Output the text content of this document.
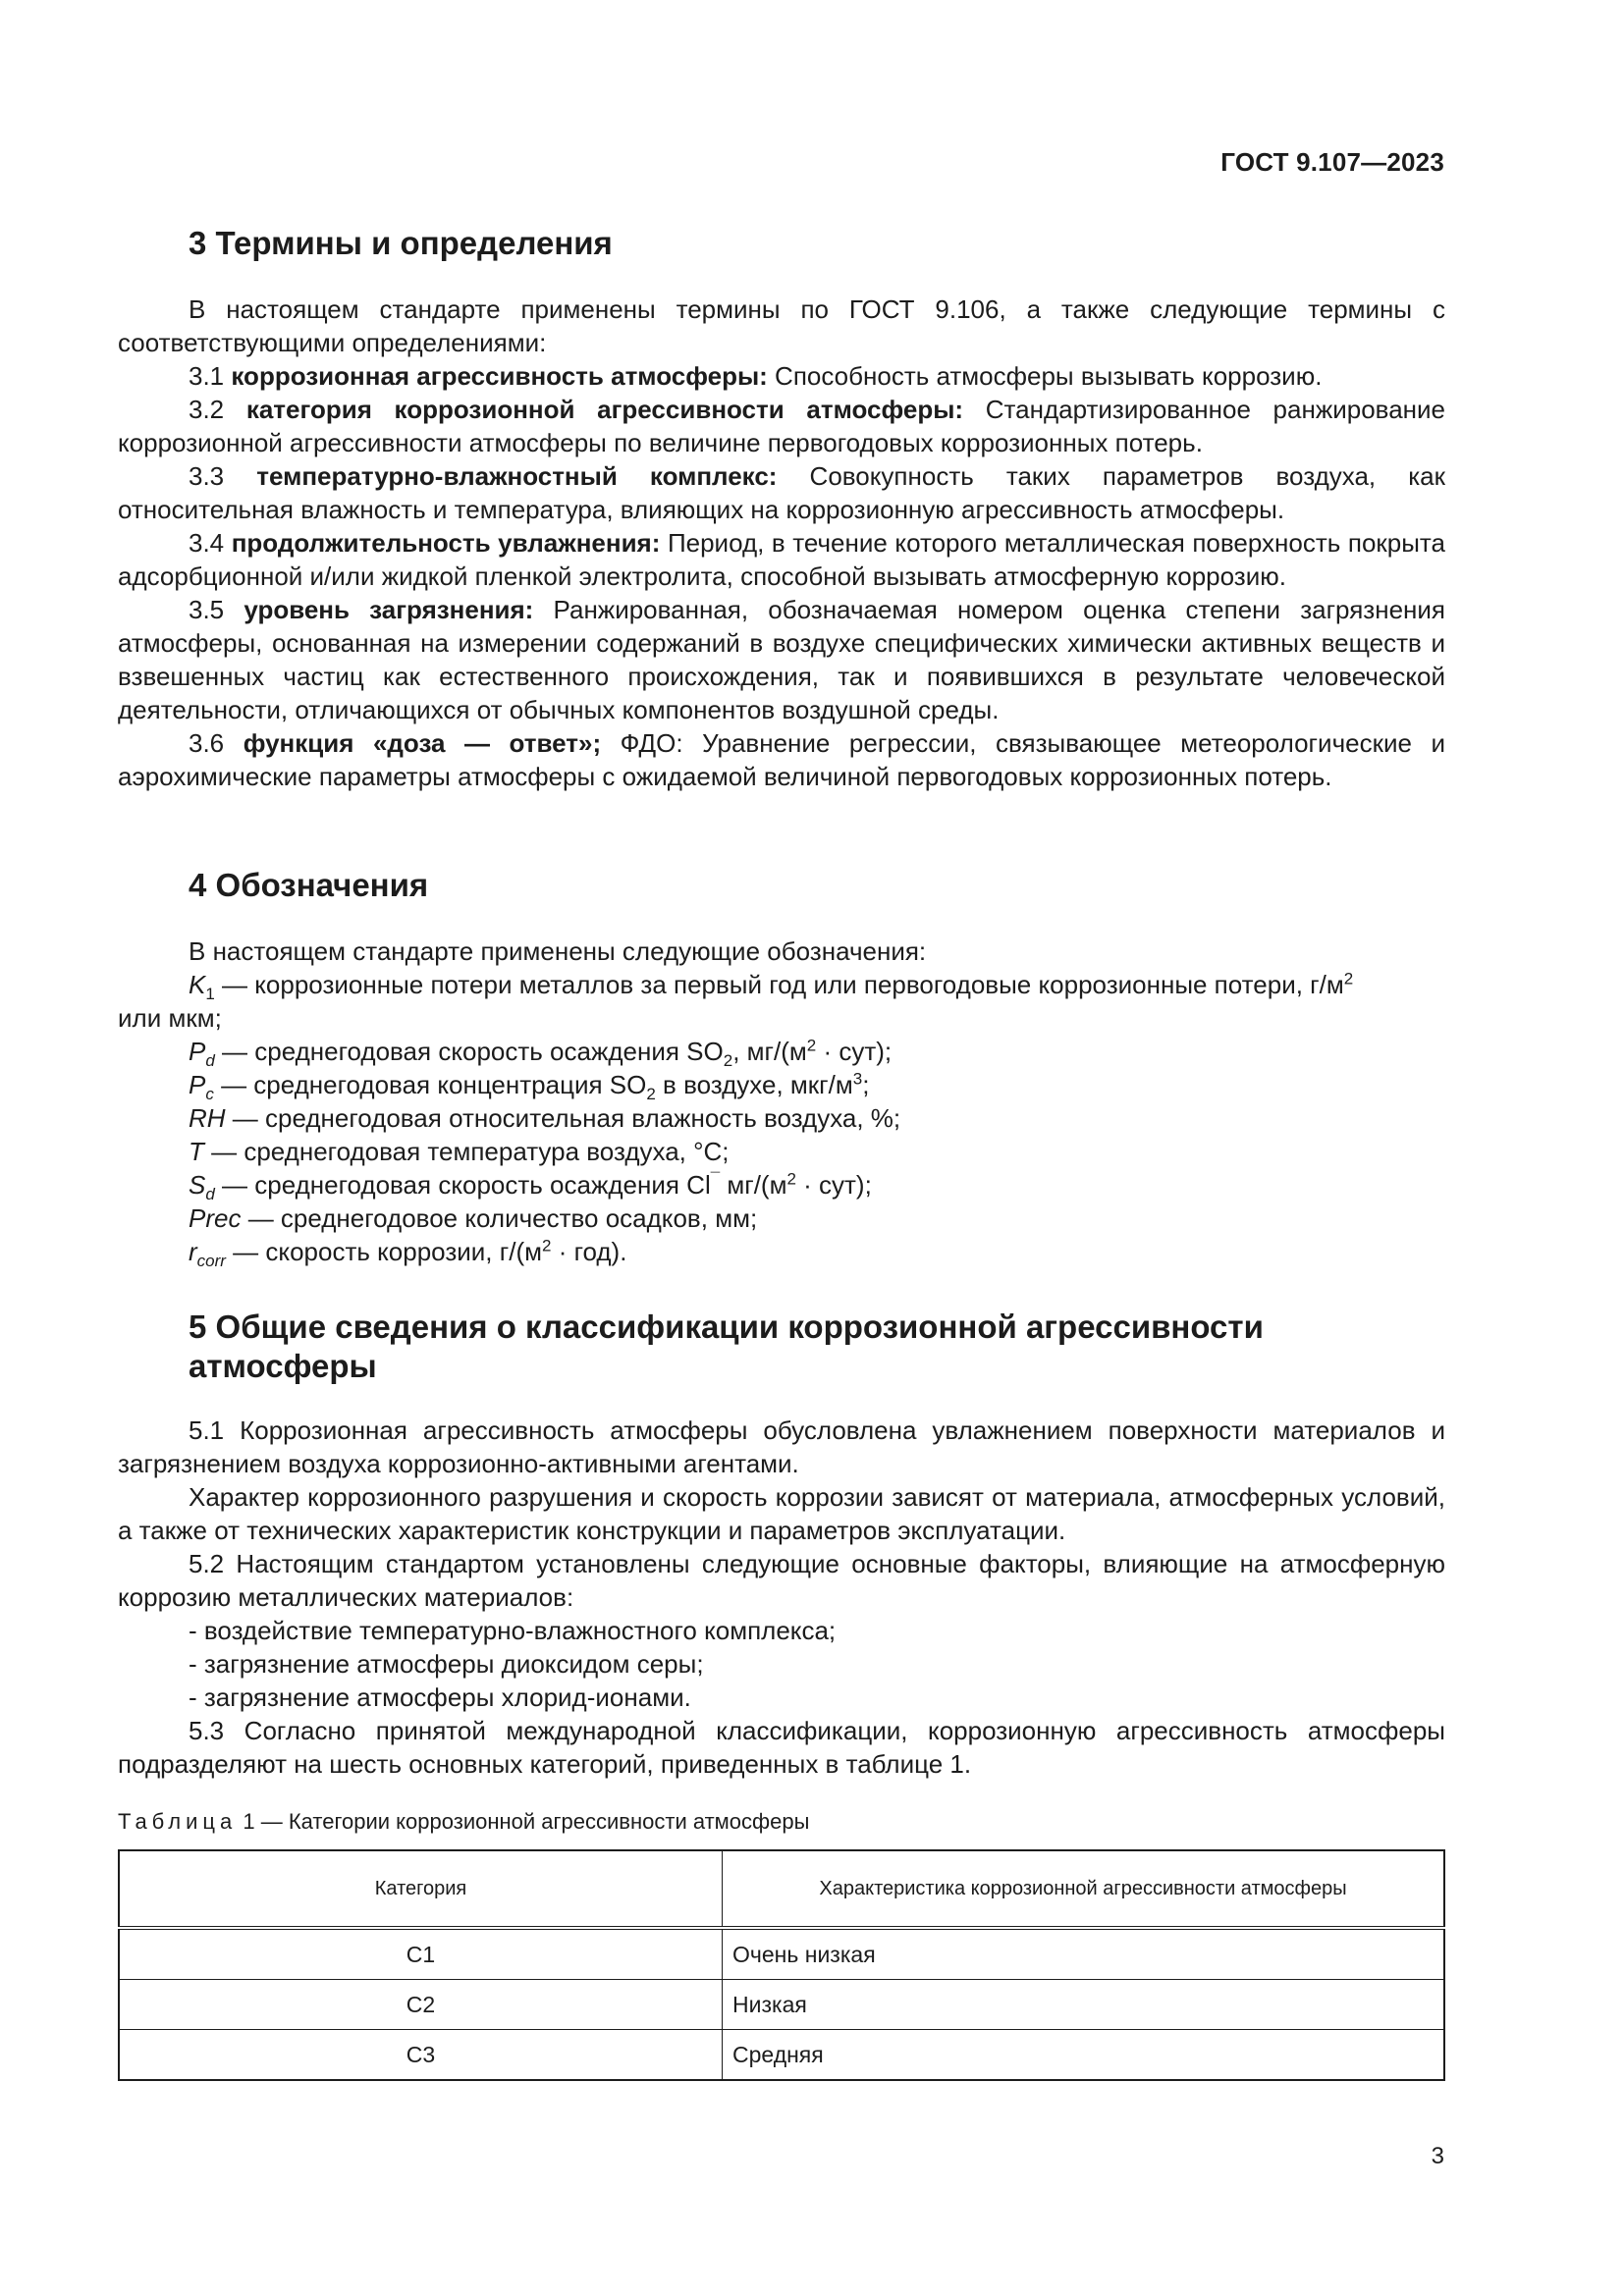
ГОСТ 9.107—2023
3 Термины и определения

В настоящем стандарте применены термины по ГОСТ 9.106, а также следующие термины с соответствующими определениями:

3.1 коррозионная агрессивность атмосферы: Способность атмосферы вызывать коррозию.

3.2 категория коррозионной агрессивности атмосферы: Стандартизированное ранжирование коррозионной агрессивности атмосферы по величине первогодовых коррозионных потерь.

3.3 температурно-влажностный комплекс: Совокупность таких параметров воздуха, как относительная влажность и температура, влияющих на коррозионную агрессивность атмосферы.

3.4 продолжительность увлажнения: Период, в течение которого металлическая поверхность покрыта адсорбционной и/или жидкой пленкой электролита, способной вызывать атмосферную коррозию.

3.5 уровень загрязнения: Ранжированная, обозначаемая номером оценка степени загрязнения атмосферы, основанная на измерении содержаний в воздухе специфических химически активных веществ и взвешенных частиц как естественного происхождения, так и появившихся в результате человеческой деятельности, отличающихся от обычных компонентов воздушной среды.

3.6 функция «доза — ответ»; ФДО: Уравнение регрессии, связывающее метеорологические и аэрохимические параметры атмосферы с ожидаемой величиной первогодовых коррозионных потерь.

4 Обозначения

В настоящем стандарте применены следующие обозначения:

$K_1$ — коррозионные потери металлов за первый год или первогодовые коррозионные потери, $г/м^2$

или мкм;

$P_d$ — среднегодовая скорость осаждения $SO_2$, $мг/(м^2 \cdot сут)$;

$P_c$ — среднегодовая концентрация $SO_2$ в воздухе, мкг/$м^3$;

RH — среднегодовая относительная влажность воздуха, %;

T — среднегодовая температура воздуха, °С;

$S_d$ — среднегодовая скорость осаждения Cl¯ $мг/(м^2 \cdot сут)$;

Prec — среднегодовое количество осадков, мм;

$r_{corr}$ — скорость коррозии, $г/(м^2 \cdot год)$.

5 Общие сведения о классификации коррозионной агрессивности атмосферы

5.1 Коррозионная агрессивность атмосферы обусловлена увлажнением поверхности материалов и загрязнением воздуха коррозионно-активными агентами.

Характер коррозионного разрушения и скорость коррозии зависят от материала, атмосферных условий, а также от технических характеристик конструкции и параметров эксплуатации.

5.2 Настоящим стандартом установлены следующие основные факторы, влияющие на атмосферную коррозию металлических материалов:

- воздействие температурно-влажностного комплекса;

- загрязнение атмосферы диоксидом серы;

- загрязнение атмосферы хлорид-ионами.

5.3 Согласно принятой международной классификации, коррозионную агрессивность атмосферы подразделяют на шесть основных категорий, приведенных в таблице 1.

Таблица 1 — Категории коррозионной агрессивности атмосферы

Категория	Характеристика коррозионной агрессивности атмосферы
С1	Очень низкая
С2	Низкая
С3	Средняя
3
